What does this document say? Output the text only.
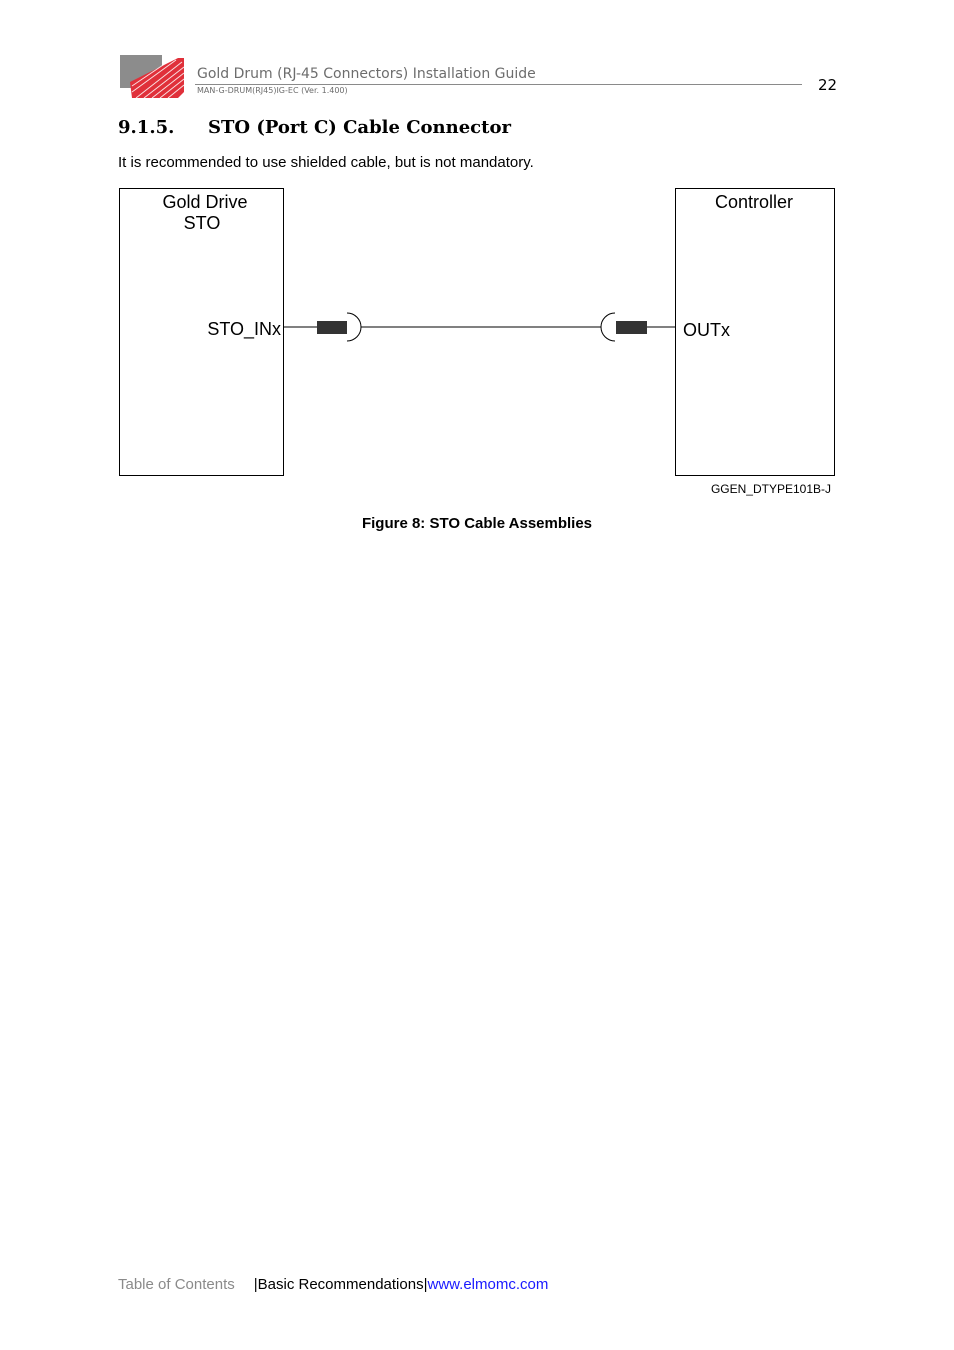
Gold Drum (RJ-45 Connectors) Installation Guide
MAN-G-DRUM(RJ45)IG-EC (Ver. 1.400)	22
9.1.5. STO (Port C) Cable Connector
It is recommended to use shielded cable, but is not mandatory.
Gold Drive
STO
STO_INx
Controller
OUTx
GGEN_DTYPE101B-J
Figure 8: STO Cable Assemblies
Table of Contents |Basic Recommendations|www.elmomc.com
